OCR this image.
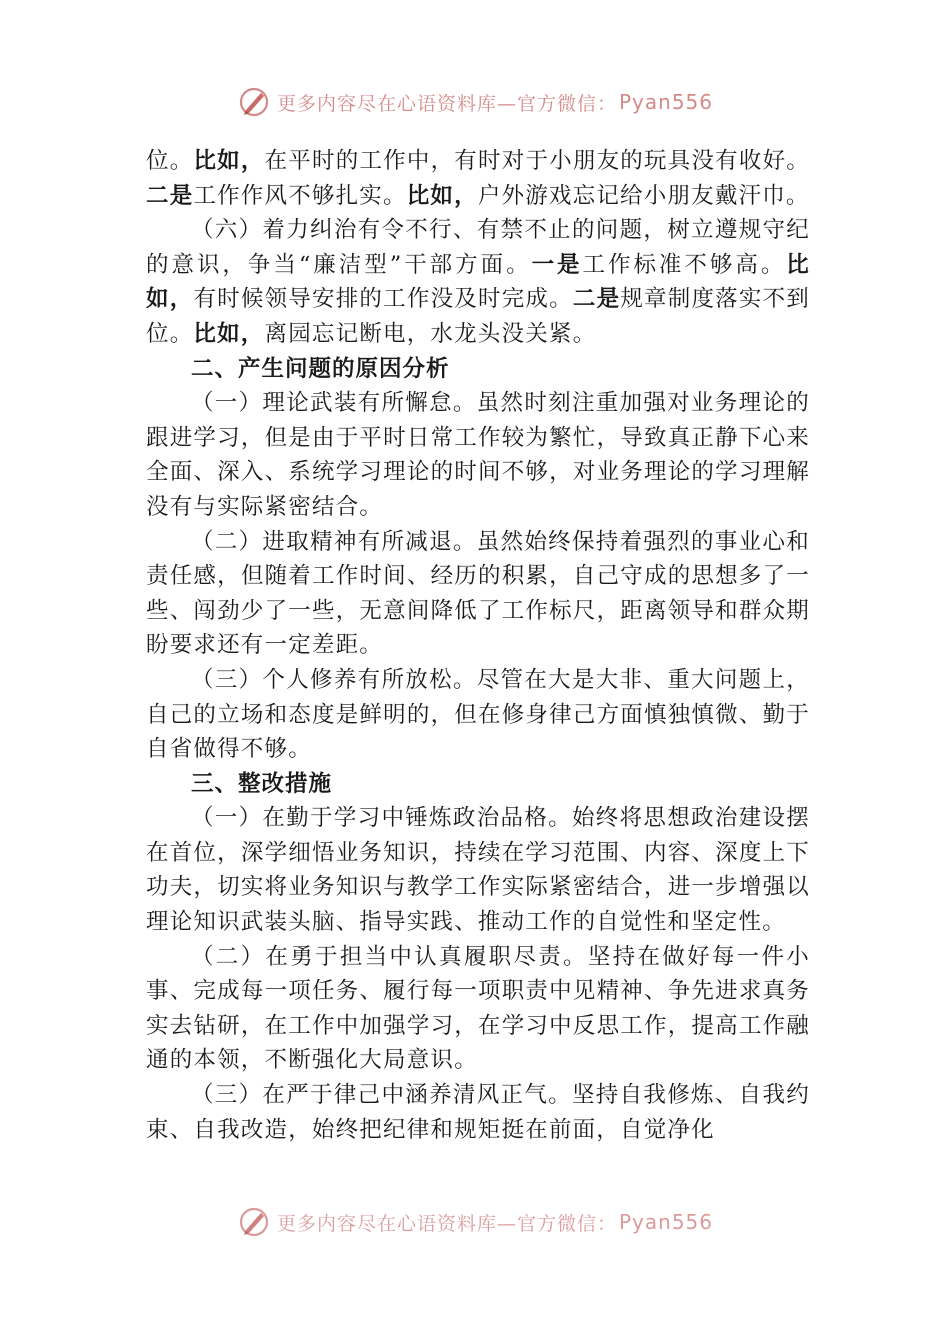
更多内容尽在心语资料库—官方微信： Pyan556

位。比如，在平时的工作中，有时对于小朋友的玩具没有收好。二是工作作风不够扎实。比如，户外游戏忘记给小朋友戴汗巾。

（六）着力纠治有令不行、有禁不止的问题，树立遵规守纪的意识，争当“廉洁型”干部方面。一是工作标准不够高。比如，有时候领导安排的工作没及时完成。二是规章制度落实不到位。比如，离园忘记断电，水龙头没关紧。

二、产生问题的原因分析

（一）理论武装有所懈怠。虽然时刻注重加强对业务理论的跟进学习，但是由于平时日常工作较为繁忙，导致真正静下心来全面、深入、系统学习理论的时间不够，对业务理论的学习理解没有与实际紧密结合。

（二）进取精神有所减退。虽然始终保持着强烈的事业心和责任感，但随着工作时间、经历的积累，自己守成的思想多了一些、闯劲少了一些，无意间降低了工作标尺，距离领导和群众期盼要求还有一定差距。

（三）个人修养有所放松。尽管在大是大非、重大问题上，自己的立场和态度是鲜明的，但在修身律己方面慎独慎微、勤于自省做得不够。

三、整改措施

（一）在勤于学习中锤炼政治品格。始终将思想政治建设摆在首位，深学细悟业务知识，持续在学习范围、内容、深度上下功夫，切实将业务知识与教学工作实际紧密结合，进一步增强以理论知识武装头脑、指导实践、推动工作的自觉性和坚定性。

（二）在勇于担当中认真履职尽责。坚持在做好每一件小事、完成每一项任务、履行每一项职责中见精神、争先进求真务实去钻研，在工作中加强学习，在学习中反思工作，提高工作融通的本领，不断强化大局意识。

（三）在严于律己中涵养清风正气。坚持自我修炼、自我约束、自我改造，始终把纪律和规矩挺在前面，自觉净化

更多内容尽在心语资料库—官方微信： Pyan556
